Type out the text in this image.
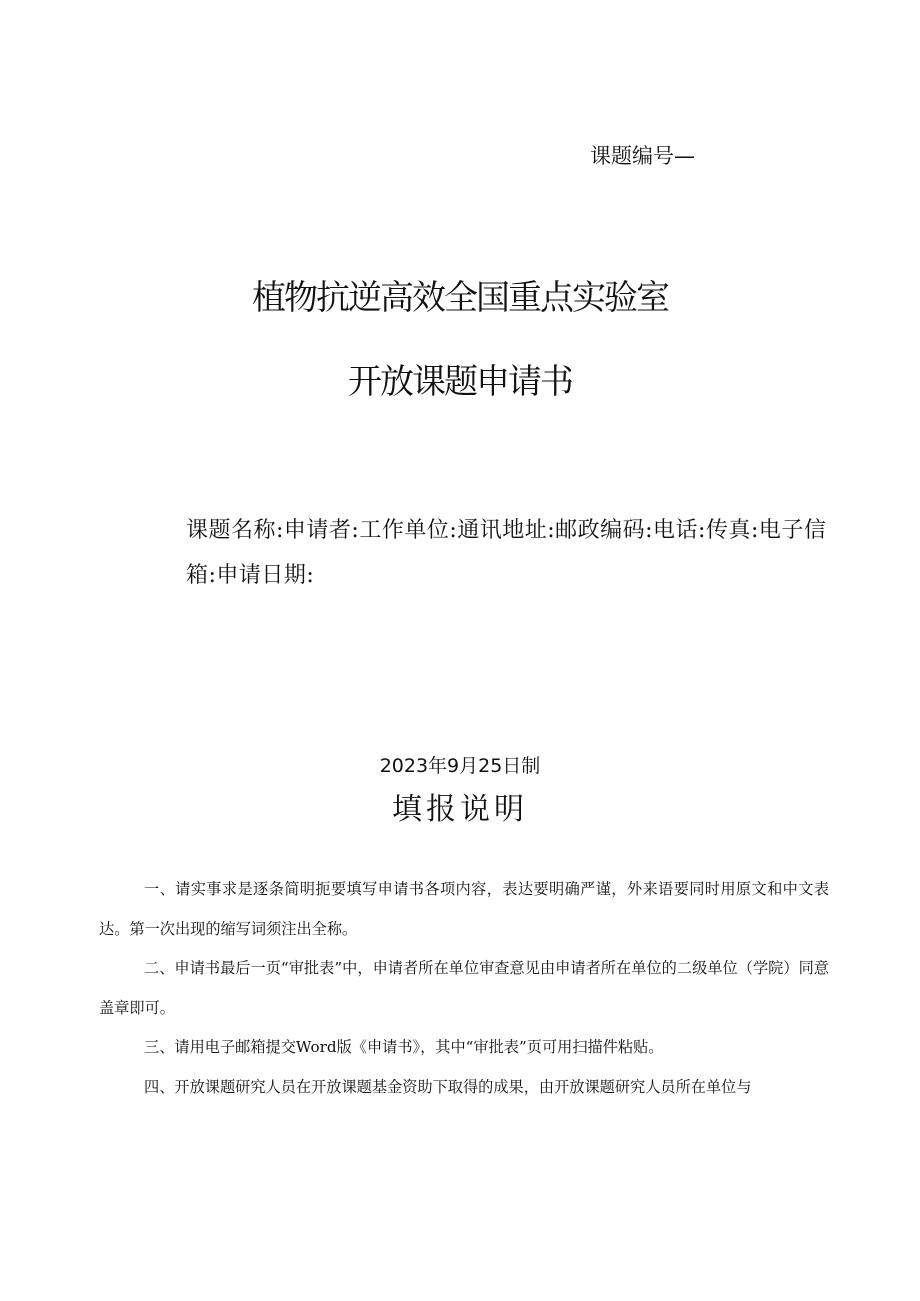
课题编号—
植物抗逆高效全国重点实验室
开放课题申请书
课题名称:申请者:工作单位:通讯地址:邮政编码:电话:传真:电子信箱:申请日期:
2023年9月25日制
填报说明

一、请实事求是逐条简明扼要填写申请书各项内容，表达要明确严谨，外来语要同时用原文和中文表达。第一次出现的缩写词须注出全称。

二、申请书最后一页“审批表”中，申请者所在单位审查意见由申请者所在单位的二级单位（学院）同意盖章即可。

三、请用电子邮箱提交Word版《申请书》，其中“审批表”页可用扫描件粘贴。

四、开放课题研究人员在开放课题基金资助下取得的成果，由开放课题研究人员所在单位与
